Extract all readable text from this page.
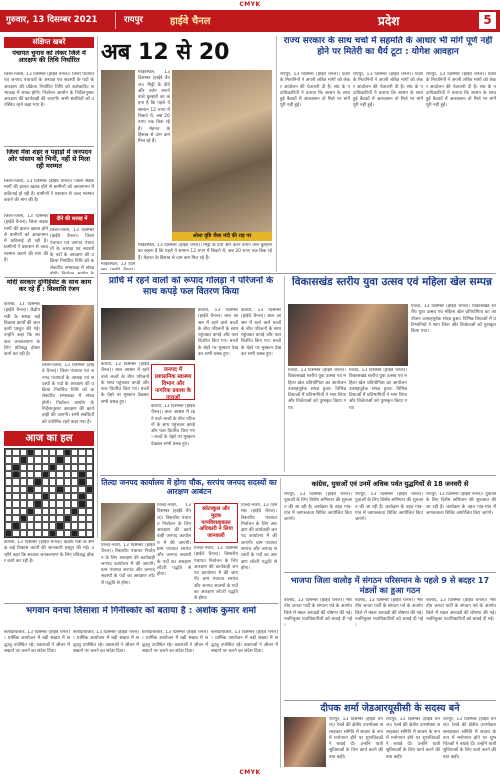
CMYK
गुरुवार, 13 दिसम्बर 2021	रायपुर	हाईवे चैनल	प्रदेश	5
संक्षिप्त खबरें
पंचायत चुनाव को लेकर जिले में आरक्षण की तिथि निर्धारित
जिला-जिला, 13 दिसम्बर (हाईवे चैनल)। जिला पंचायत एवं जनपद पंचायतों के अध्यक्ष एवं सदस्यों के पदों के आरक्षण की प्रक्रिया निर्धारित तिथि को कलेक्टोरेट सभाकक्ष में संपन्न होगी। निर्वाचन आयोग के निर्देशानुसार आरक्षण की कार्यवाही की जाएगी। सभी संबंधितों को उपस्थित रहने कहा गया है।
जिला मेंवा शहर व पहाड़ों में जनपदन ओर पांसाय को भिनी, नहीं से मिला रही मरम्मत
जिला-जिला, 13 दिसम्बर (हाईवे चैनल)। जिला सड़क मार्गों की हालत खराब होने से ग्रामीणों को आवागमन में कठिनाई हो रही है। ग्रामीणों ने प्रशासन से जल्द मरम्मत कराने की मांग की है।
दीने की सलाह में
जिला-जिला, 13 दिसम्बर (हाईवे चैनल)। जिला सड़क मार्गों की हालत खराब होने से ग्रामीणों को आवागमन में कठिनाई हो रही है। ग्रामीणों ने प्रशासन से जल्द मरम्मत कराने की मांग की है।
जिला-जिला, 13 दिसम्बर (हाईवे चैनल)। जिला पंचायत एवं जनपद पंचायतों के अध्यक्ष एवं सदस्यों के पदों के आरक्षण की प्रक्रिया निर्धारित तिथि को कलेक्टोरेट सभाकक्ष में संपन्न
मोदी सरकार दुनिहिंसेट के साथ काम कर रहे हैं : विश्वासि रंजन
कोरबा, 13 दिसम्बर (हाईवे चैनल)। केंद्रीय मंत्री के समक्ष कई विकास कार्यों की जानकारी प्रस्तुत की गई। उन्होंने कहा कि सरकार जनकल्याण के लिए प्रतिबद्ध होकर कार्य कर रही है।
जिला-जिला, 13 दिसम्बर (हाईवे चैनल)। जिला पंचायत एवं जनपद पंचायतों के अध्यक्ष एवं सदस्यों के पदों के आरक्षण की प्रक्रिया निर्धारित तिथि को कलेक्टोरेट सभाकक्ष में संपन्न होगी। निर्वाचन आयोग के निर्देशानुसार आरक्षण की कार्यवाही की जाएगी। सभी संबंधितों को उपस्थित रहने कहा गया है।
आज का हल
अब 12 से 20
मार्कास्थल, 13 दिसम्बर (हाईवे चैनल)। मिट्टी के दीये और बर्तन बनाने वाले कुम्हारों का कहना है कि पहले ये सामान 12 रुपए में बिकते थे, अब 20 रुपए तक बिक रहे हैं। मेहनत के हिसाब से दाम कम मिल रहे हैं।
ओला वृष्टि जैसा मंदी की राह पर
मार्कास्थल, 13 दिसम्बर (हाईवे चैनल)। मिट्टी के दीये और बर्तन बनाने वाले कुम्हारों का कहना है कि पहले ये सामान 12 रुपए में बिकते थे, अब 20 रुपए तक बिक रहे हैं। मेहनत के हिसाब से दाम कम मिल रहे हैं।
मार्कास्थल, 13 दिस
राज्य सरकार के साथ चर्चा में सहमति के आधार भी मांगें पूर्ण नहीं होने पर मितेरी का धैर्य टूटा : योगेश आवहान
रायपुर, 13 दिसम्बर (हाईवे चैनल)। प्रदेश के मितानिनों ने अपनी लंबित मांगों को लेकर आंदोलन की चेतावनी दी है। संघ के पदाधिकारियों ने बताया कि शासन के साथ हुई बैठकों में आश्वासन तो मिले पर मांगें पूरी नहीं हुईं।
रायपुर, 13 दिसम्बर (हाईवे चैनल)। प्रदेश के मितानिनों ने अपनी लंबित मांगों को लेकर आंदोलन की चेतावनी दी है। संघ के पदाधिकारियों ने बताया कि शासन के साथ हुई बैठकों में आश्वासन तो मिले पर मांगें पूरी नहीं हुईं।
रायपुर, 13 दिसम्बर (हाईवे चैनल)। प्रदेश के मितानिनों ने अपनी लंबित मांगों को लेकर आंदोलन की चेतावनी दी है। संघ के पदाधिकारियों ने बताया कि शासन के साथ हुई बैठकों में आश्वासन तो मिले पर मांगें पूरी नहीं हुईं।
प्राधि में रहने वालों को रूपाद गोलड़ा ने परिजनों के साथ कपड़े फल वितरण किया
कवर्धा, 13 दिसम्बर (हाईवे चैनल)। बाल आश्रम में रहने वाले बच्चों के बीच परिजनों के साथ पहुंचकर कपड़े और फल वितरित किए गए। बच्चों के चेहरे पर मुस्कान देखकर सभी प्रसन्न हुए।
जनपद में प्रशासनिक स्वास्थ्य विभाग और नागरिक प्रकाश के ताराओं
कवर्धा, 13 दिसम्बर (हाईवे चैनल)। बाल आश्रम में रहने वाले बच्चों के बीच परिजनों के साथ पहुंचकर कपड़े और फल वितरित किए गए। बच्चों के चेहरे पर मुस्कान देखकर सभी प्रसन्न हुए।
कवर्धा, 13 दिसम्बर (हाईवे चैनल)। बाल आश्रम में रहने वाले बच्चों के बीच परिजनों के साथ पहुंचकर कपड़े और फल वितरित किए गए। बच्चों के चेहरे पर मुस्कान देखकर सभी प्रसन्न हुए।
कवर्धा, 13 दिसम्बर (हाईवे चैनल)। बाल आश्रम में रहने वाले बच्चों के बीच परिजनों के साथ पहुंचकर कपड़े और फल वितरित किए गए। बच्चों के चेहरे पर मुस्कान देखकर सभी प्रसन्न हुए।
विकासखंड स्तरीय युवा उत्सव एवं महिला खेल सम्पन्न
तिल्दा, 13 दिसम्बर (हाईवे चैनल)। विकासखंड स्तरीय युवा उत्सव एवं महिला खेल प्रतियोगिता का आयोजन उत्साहपूर्वक संपन्न हुआ। विभिन्न विधाओं में प्रतिभागियों ने भाग लिया और विजेताओं को पुरस्कृत किया गया।
तिल्दा, 13 दिसम्बर (हाईवे चैनल)। विकासखंड स्तरीय युवा उत्सव एवं महिला खेल प्रतियोगिता का आयोजन उत्साहपूर्वक संपन्न हुआ। विभिन्न विधाओं में प्रतिभागियों ने भाग लिया और विजेताओं को पुरस्कृत किया गया।
तिल्दा, 13 दिसम्बर (हाईवे चैनल)। विकासखंड स्तरीय युवा उत्सव एवं महिला खेल प्रतियोगिता का आयोजन उत्साहपूर्वक संपन्न हुआ। विभिन्न विधाओं में प्रतिभागियों ने भाग लिया और विजेताओं को पुरस्कृत किया गया।
तिल्दा जनपद कार्यालय में होगा चौक, सरपंच जनपद सदस्यों का आरक्षण आबंटन
तिल्दा-नेवरा, 13 दिसम्बर (हाईवे चैनल)। त्रिस्तरीय पंचायत निर्वाचन के लिए आरक्षण की कार्यवाही जनपद कार्यालय में की जाएगी। ग्राम पंचायत सरपंच और जनपद सदस्यों के पदों का आरक्षण लॉटरी पद्धति से होगा।
तिल्दा-नेवरा, 13 दिसम्बर (हाईवे चैनल)। त्रिस्तरीय पंचायत निर्वाचन के लिए आरक्षण की कार्यवाही जनपद कार्यालय में की जाएगी। ग्राम पंचायत सरपंच और जनपद सदस्यों के पदों का आरक्षण लॉटरी पद्धति से होगा।
स्लेटस्कुल और मुद्रक पापविरसहकाल अधिकारी ने लिया जानकारी
तिल्दा-नेवरा, 13 दिसम्बर (हाईवे चैनल)। त्रिस्तरीय पंचायत निर्वाचन के लिए आरक्षण की कार्यवाही जनपद कार्यालय में की जाएगी। ग्राम पंचायत सरपंच और जनपद सदस्यों के पदों का आरक्षण लॉटरी पद्धति से होगा।
तिल्दा-नेवरा, 13 दिसम्बर (हाईवे चैनल)। त्रिस्तरीय पंचायत निर्वाचन के लिए आरक्षण की कार्यवाही जनपद कार्यालय में की जाएगी। ग्राम पंचायत सरपंच और जनपद सदस्यों के पदों का आरक्षण लॉटरी पद्धति से होगा।
भगवान वनचा लिसाशा में गिनीस्कोर को बताया है : अशोक कुमार शर्मा
बलौदाबाजार, 13 दिसम्बर (हाईवे चैनल)। धार्मिक आयोजन में बड़ी संख्या में श्रद्धालु उपस्थित रहे। वक्ताओं ने जीवन में सद्मार्ग पर चलने का संदेश दिया।
बलौदाबाजार, 13 दिसम्बर (हाईवे चैनल)। धार्मिक आयोजन में बड़ी संख्या में श्रद्धालु उपस्थित रहे। वक्ताओं ने जीवन में सद्मार्ग पर चलने का संदेश दिया।
बलौदाबाजार, 13 दिसम्बर (हाईवे चैनल)। धार्मिक आयोजन में बड़ी संख्या में श्रद्धालु उपस्थित रहे। वक्ताओं ने जीवन में सद्मार्ग पर चलने का संदेश दिया।
बलौदाबाजार, 13 दिसम्बर (हाईवे चैनल)। धार्मिक आयोजन में बड़ी संख्या में श्रद्धालु उपस्थित रहे। वक्ताओं ने जीवन में सद्मार्ग पर चलने का संदेश दिया।
कोरबा, 13 दिसम्बर (हाईवे चैनल)। केंद्रीय मंत्री के समक्ष कई विकास कार्यों की जानकारी प्रस्तुत की गई। उन्होंने कहा कि सरकार जनकल्याण के लिए प्रतिबद्ध होकर कार्य कर रही है।
कांग्रेस, युवाओं एवं उनमें अधिक पर्वत युद्धगियों से 18 जनवरी से
रायपुर, 13 दिसम्बर (हाईवे चैनल)। युवाओं के लिए विशेष अभियान की शुरुआत की जा रही है। कार्यक्रम के तहत गांव-गांव में जागरूकता शिविर आयोजित किए जाएंगे।
रायपुर, 13 दिसम्बर (हाईवे चैनल)। युवाओं के लिए विशेष अभियान की शुरुआत की जा रही है। कार्यक्रम के तहत गांव-गांव में जागरूकता शिविर आयोजित किए जाएंगे।
रायपुर, 13 दिसम्बर (हाईवे चैनल)। युवाओं के लिए विशेष अभियान की शुरुआत की जा रही है। कार्यक्रम के तहत गांव-गांव में जागरूकता शिविर आयोजित किए जाएंगे।
भाजपा जिला वालोड़ में संगठन परिसमान के पहले 9 से बदहर 17 मंडलों का हुआ गठन
बालोद, 13 दिसम्बर (हाईवे चैनल)। भारतीय जनता पार्टी के संगठन पर्व के अंतर्गत जिले में मंडल अध्यक्षों की घोषणा की गई। नवनियुक्त पदाधिकारियों को बधाई दी गई।
बालोद, 13 दिसम्बर (हाईवे चैनल)। भारतीय जनता पार्टी के संगठन पर्व के अंतर्गत जिले में मंडल अध्यक्षों की घोषणा की गई। नवनियुक्त पदाधिकारियों को बधाई दी गई।
बालोद, 13 दिसम्बर (हाईवे चैनल)। भारतीय जनता पार्टी के संगठन पर्व के अंतर्गत जिले में मंडल अध्यक्षों की घोषणा की गई। नवनियुक्त पदाधिकारियों को बधाई दी गई।
दीपक शर्मा जेडआरयूसीसी के सदस्य बने
रायपुर, 13 दिसम्बर (हाईवे चैनल)। रेलवे की क्षेत्रीय उपभोक्ता सलाहकार समिति में सदस्य के रूप में मनोनयन होने पर शुभचिंतकों ने बधाई दी। उन्होंने यात्री सुविधाओं के लिए कार्य करने की बात कही।
रायपुर, 13 दिसम्बर (हाईवे चैनल)। रेलवे की क्षेत्रीय उपभोक्ता सलाहकार समिति में सदस्य के रूप में मनोनयन होने पर शुभचिंतकों ने बधाई दी। उन्होंने यात्री सुविधाओं के लिए कार्य करने की बात कही।
रायपुर, 13 दिसम्बर (हाईवे चैनल)। रेलवे की क्षेत्रीय उपभोक्ता सलाहकार समिति में सदस्य के रूप में मनोनयन होने पर शुभचिंतकों ने बधाई दी। उन्होंने यात्री सुविधाओं के लिए कार्य करने की बात कही।
CMYK
